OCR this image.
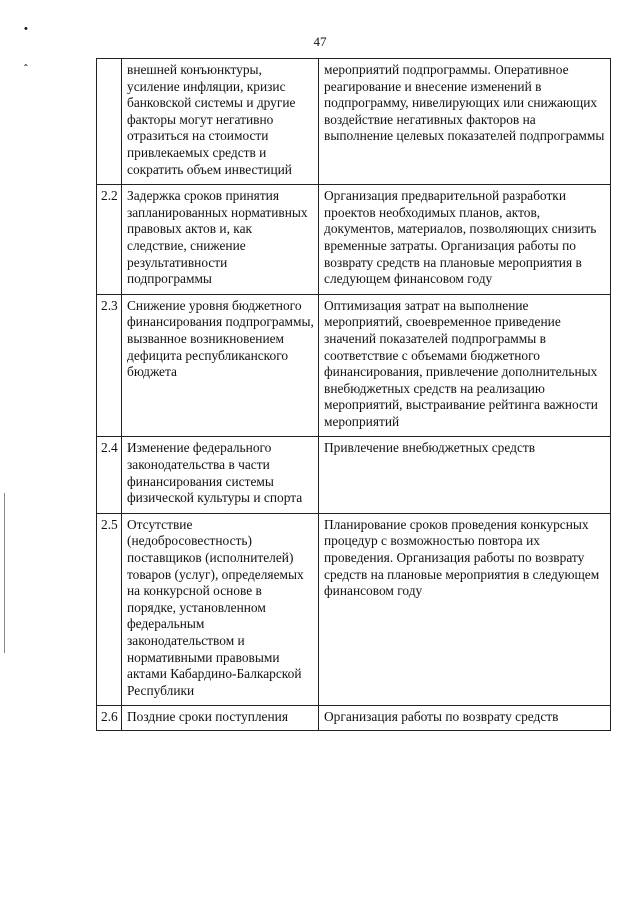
47
•
ˆ
		внешней конъюнктуры, усиление инфляции, кризис банковской системы и другие факторы могут негативно отразиться на стоимости привлекаемых средств и сократить объем инвестиций	мероприятий подпрограммы. Оперативное реагирование и внесение изменений в подпрограмму, нивелирующих или снижающих воздействие негативных факторов на выполнение целевых показателей подпрограммы
2.2	Задержка сроков принятия запланированных нормативных правовых актов и, как следствие, снижение результативности подпрограммы	Организация предварительной разработки проектов необходимых планов, актов, документов, материалов, позволяющих снизить временные затраты. Организация работы по возврату средств на плановые мероприятия в следующем финансовом году
2.3	Снижение уровня бюджетного финансирования подпрограммы, вызванное возникновением дефицита республиканского бюджета	Оптимизация затрат на выполнение мероприятий, своевременное приведение значений показателей подпрограммы в соответствие с объемами бюджетного финансирования, привлечение дополнительных внебюджетных средств на реализацию мероприятий, выстраивание рейтинга важности мероприятий
2.4	Изменение федерального законодательства в части финансирования системы физической культуры и спорта	Привлечение внебюджетных средств
2.5	Отсутствие (недобросовестность) поставщиков (исполнителей) товаров (услуг), определяемых на конкурсной основе в порядке, установленном федеральным законодательством и нормативными правовыми актами Кабардино-Балкарской Республики	Планирование сроков проведения конкурсных процедур с возможностью повтора их проведения. Организация работы по возврату средств на плановые мероприятия в следующем финансовом году
2.6	Поздние сроки поступления	Организация работы по возврату средств
